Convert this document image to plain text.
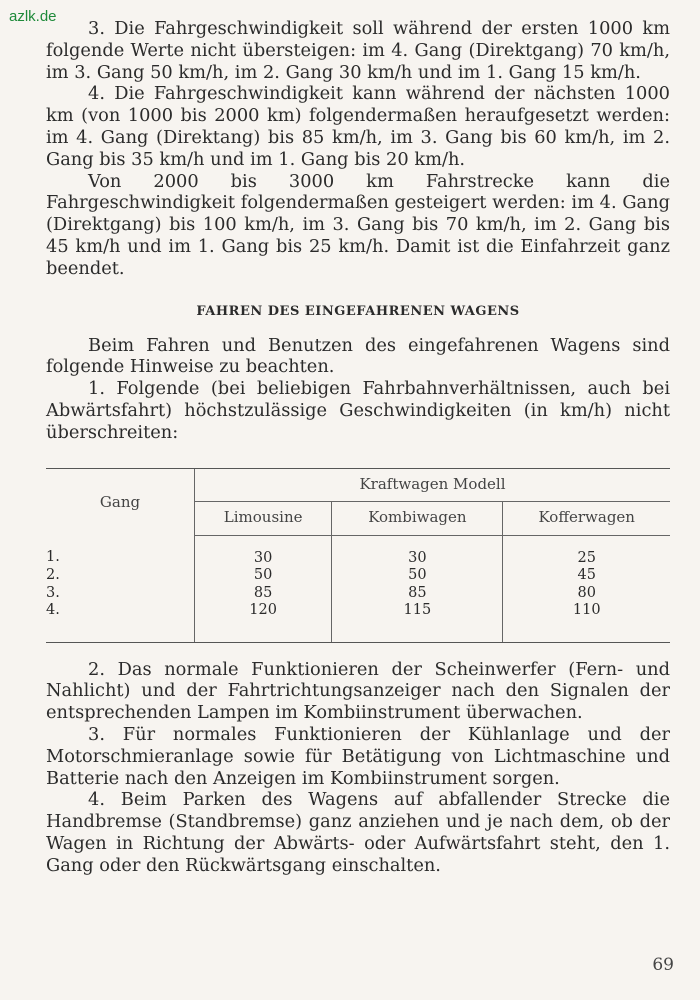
azlk.de

3. Die Fahrgeschwindigkeit soll während der ersten 1000 km folgende Werte nicht übersteigen: im 4. Gang (Direktgang) 70 km/h, im 3. Gang 50 km/h, im 2. Gang 30 km/h und im 1. Gang 15 km/h.

4. Die Fahrgeschwindigkeit kann während der nächsten 1000 km (von 1000 bis 2000 km) folgendermaßen heraufgesetzt werden: im 4. Gang (Direktang) bis 85 km/h, im 3. Gang bis 60 km/h, im 2. Gang bis 35 km/h und im 1. Gang bis 20 km/h.

Von 2000 bis 3000 km Fahrstrecke kann die Fahrgeschwindigkeit folgendermaßen gesteigert werden: im 4. Gang (Direktgang) bis 100 km/h, im 3. Gang bis 70 km/h, im 2. Gang bis 45 km/h und im 1. Gang bis 25 km/h. Damit ist die Einfahrzeit ganz beendet.

FAHREN DES EINGEFAHRENEN WAGENS

Beim Fahren und Benutzen des eingefahrenen Wagens sind folgende Hinweise zu beachten.

1. Folgende (bei beliebigen Fahrbahnverhältnissen, auch bei Abwärtsfahrt) höchstzulässige Geschwindigkeiten (in km/h) nicht überschreiten:

Gang	Kraftwagen Modell		
	Limousine	Kombiwagen	Kofferwagen
1.	30	30	25
2.	50	50	45
3.	85	85	80
4.	120	115	110

2. Das normale Funktionieren der Scheinwerfer (Fern- und Nahlicht) und der Fahrtrichtungsanzeiger nach den Signalen der entsprechenden Lampen im Kombiinstrument überwachen.

3. Für normales Funktionieren der Kühlanlage und der Motorschmieranlage sowie für Betätigung von Lichtmaschine und Batterie nach den Anzeigen im Kombiinstrument sorgen.

4. Beim Parken des Wagens auf abfallender Strecke die Handbremse (Standbremse) ganz anziehen und je nach dem, ob der Wagen in Richtung der Abwärts- oder Aufwärtsfahrt steht, den 1. Gang oder den Rückwärtsgang einschalten.

69
